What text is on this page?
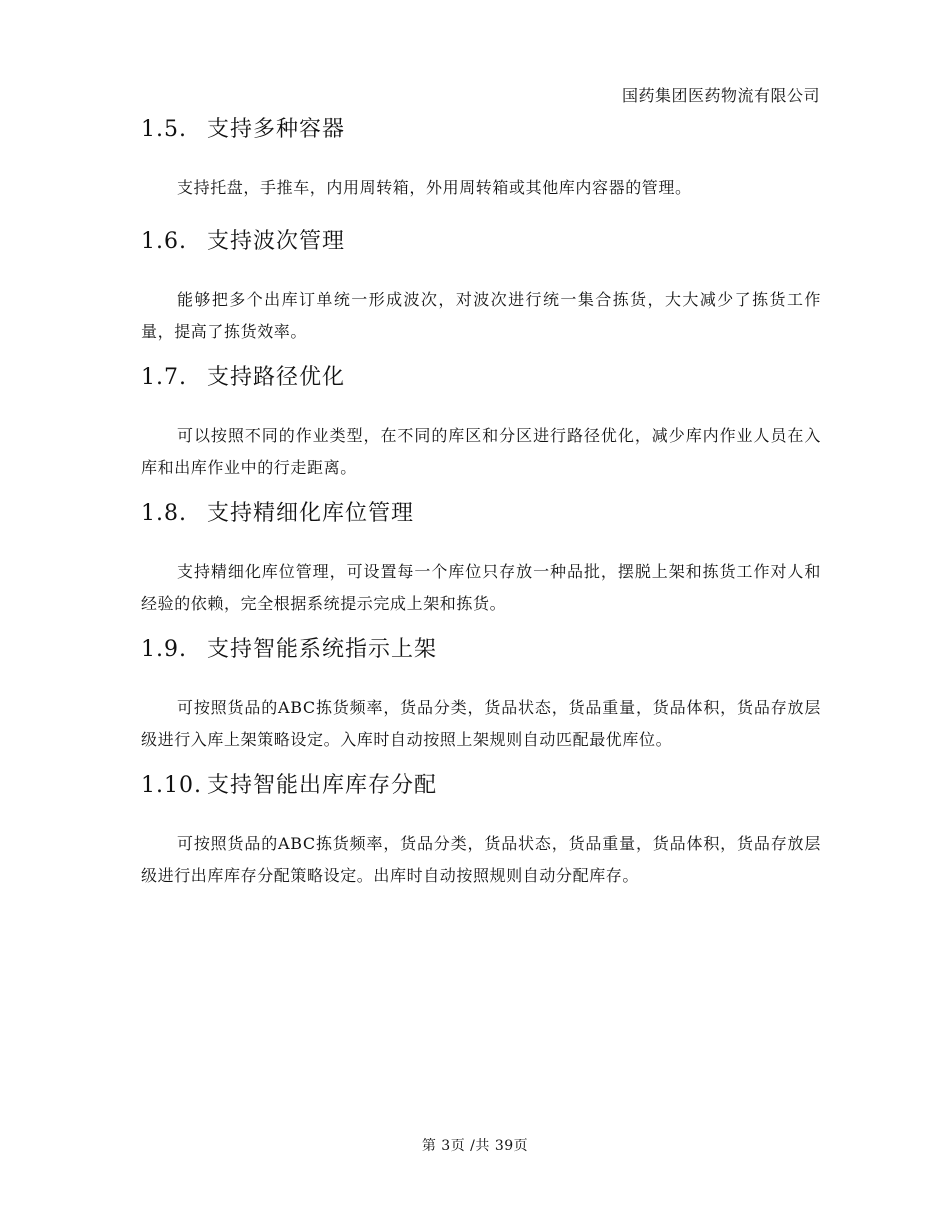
国药集团医药物流有限公司
1.5. 支持多种容器

支持托盘，手推车，内用周转箱，外用周转箱或其他库内容器的管理。

1.6. 支持波次管理

能够把多个出库订单统一形成波次，对波次进行统一集合拣货，大大减少了拣货工作量，提高了拣货效率。

1.7. 支持路径优化

可以按照不同的作业类型，在不同的库区和分区进行路径优化，减少库内作业人员在入库和出库作业中的行走距离。

1.8. 支持精细化库位管理

支持精细化库位管理，可设置每一个库位只存放一种品批，摆脱上架和拣货工作对人和经验的依赖，完全根据系统提示完成上架和拣货。

1.9. 支持智能系统指示上架

可按照货品的ABC拣货频率，货品分类，货品状态，货品重量，货品体积，货品存放层级进行入库上架策略设定。入库时自动按照上架规则自动匹配最优库位。

1.10. 支持智能出库库存分配

可按照货品的ABC拣货频率，货品分类，货品状态，货品重量，货品体积，货品存放层级进行出库库存分配策略设定。出库时自动按照规则自动分配库存。

第 3页 /共 39页
